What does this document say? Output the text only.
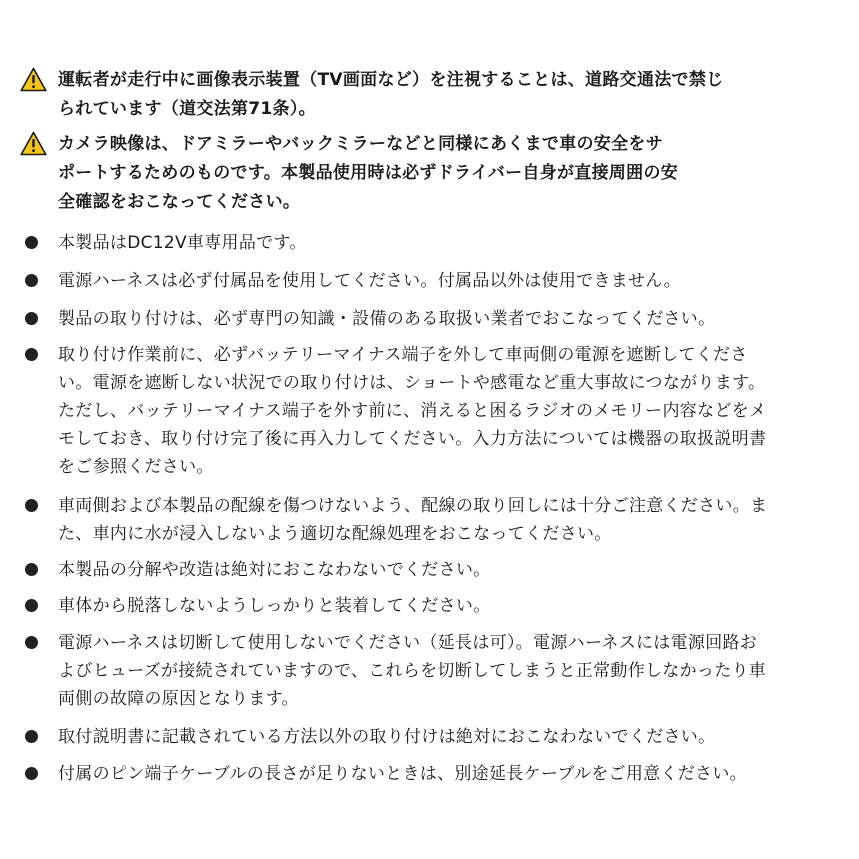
運転者が走行中に画像表示装置（TV画面など）を注視することは、道路交通法で禁じ
られています（道交法第71条）。

カメラ映像は、ドアミラーやバックミラーなどと同様にあくまで車の安全をサ
ポートするためのものです。本製品使用時は必ずドライバー自身が直接周囲の安
全確認をおこなってください。

本製品はDC12V車専用品です。

電源ハーネスは必ず付属品を使用してください。付属品以外は使用できません。

製品の取り付けは、必ず専門の知識・設備のある取扱い業者でおこなってください。

取り付け作業前に、必ずバッテリーマイナス端子を外して車両側の電源を遮断してくださ
い。電源を遮断しない状況での取り付けは、ショートや感電など重大事故につながります。
ただし、バッテリーマイナス端子を外す前に、消えると困るラジオのメモリー内容などをメ
モしておき、取り付け完了後に再入力してください。入力方法については機器の取扱説明書
をご参照ください。

車両側および本製品の配線を傷つけないよう、配線の取り回しには十分ご注意ください。ま
た、車内に水が浸入しないよう適切な配線処理をおこなってください。

本製品の分解や改造は絶対におこなわないでください。

車体から脱落しないようしっかりと装着してください。

電源ハーネスは切断して使用しないでください（延長は可）。電源ハーネスには電源回路お
よびヒューズが接続されていますので、これらを切断してしまうと正常動作しなかったり車
両側の故障の原因となります。

取付説明書に記載されている方法以外の取り付けは絶対におこなわないでください。

付属のピン端子ケーブルの長さが足りないときは、別途延長ケーブルをご用意ください。
